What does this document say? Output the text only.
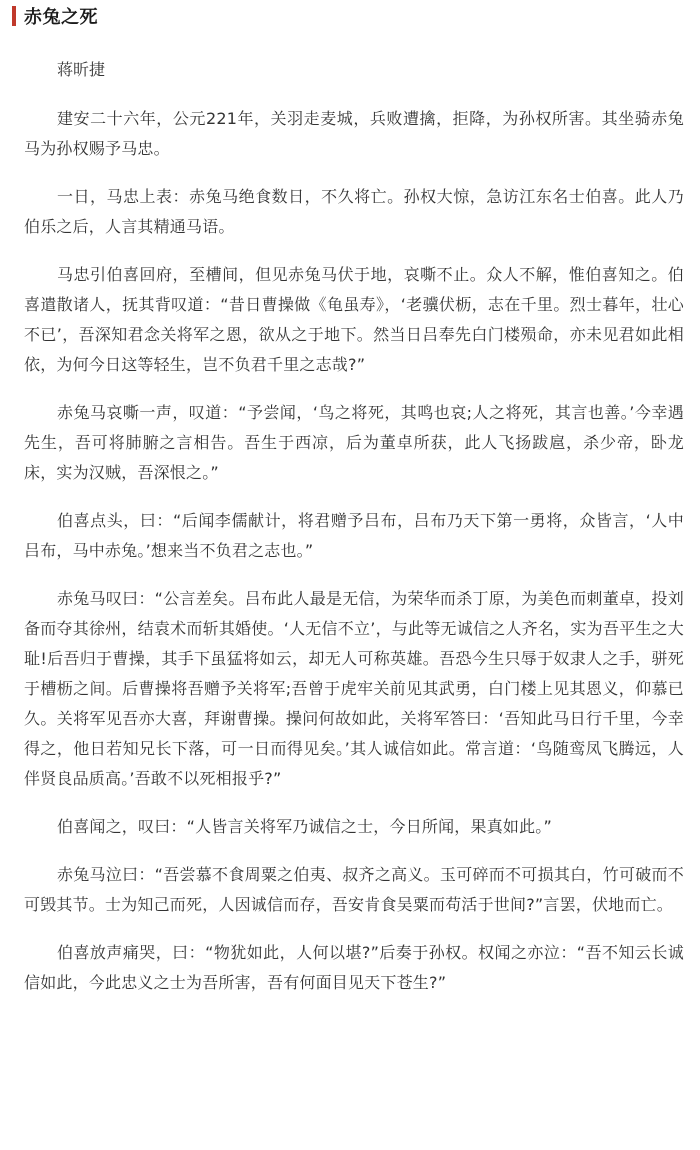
赤兔之死
蒋昕捷

建安二十六年，公元221年，关羽走麦城，兵败遭擒，拒降，为孙权所害。其坐骑赤兔马为孙权赐予马忠。

一日，马忠上表：赤兔马绝食数日，不久将亡。孙权大惊，急访江东名士伯喜。此人乃伯乐之后，人言其精通马语。

马忠引伯喜回府，至槽间，但见赤兔马伏于地，哀嘶不止。众人不解，惟伯喜知之。伯喜遣散诸人，抚其背叹道：“昔日曹操做《龟虽寿》，‘老骥伏枥，志在千里。烈士暮年，壮心不已’，吾深知君念关将军之恩，欲从之于地下。然当日吕奉先白门楼殒命，亦未见君如此相依，为何今日这等轻生，岂不负君千里之志哉?”

赤兔马哀嘶一声，叹道：“予尝闻，‘鸟之将死，其鸣也哀;人之将死，其言也善。’今幸遇先生，吾可将肺腑之言相告。吾生于西凉，后为董卓所获，此人飞扬跋扈，杀少帝，卧龙床，实为汉贼，吾深恨之。”

伯喜点头，曰：“后闻李儒献计，将君赠予吕布，吕布乃天下第一勇将，众皆言，‘人中吕布，马中赤兔。’想来当不负君之志也。”

赤兔马叹曰：“公言差矣。吕布此人最是无信，为荣华而杀丁原，为美色而刺董卓，投刘备而夺其徐州，结袁术而斩其婚使。‘人无信不立’，与此等无诚信之人齐名，实为吾平生之大耻!后吾归于曹操，其手下虽猛将如云，却无人可称英雄。吾恐今生只辱于奴隶人之手，骈死于槽枥之间。后曹操将吾赠予关将军;吾曾于虎牢关前见其武勇，白门楼上见其恩义，仰慕已久。关将军见吾亦大喜，拜谢曹操。操问何故如此，关将军答曰：‘吾知此马日行千里，今幸得之，他日若知兄长下落，可一日而得见矣。’其人诚信如此。常言道：‘鸟随鸾凤飞腾远，人伴贤良品质高。’吾敢不以死相报乎?”

伯喜闻之，叹曰：“人皆言关将军乃诚信之士，今日所闻，果真如此。”

赤兔马泣曰：“吾尝慕不食周粟之伯夷、叔齐之高义。玉可碎而不可损其白，竹可破而不可毁其节。士为知己而死，人因诚信而存，吾安肯食吴粟而苟活于世间?”言罢，伏地而亡。

伯喜放声痛哭，曰：“物犹如此，人何以堪?”后奏于孙权。权闻之亦泣：“吾不知云长诚信如此，今此忠义之士为吾所害，吾有何面目见天下苍生?”
